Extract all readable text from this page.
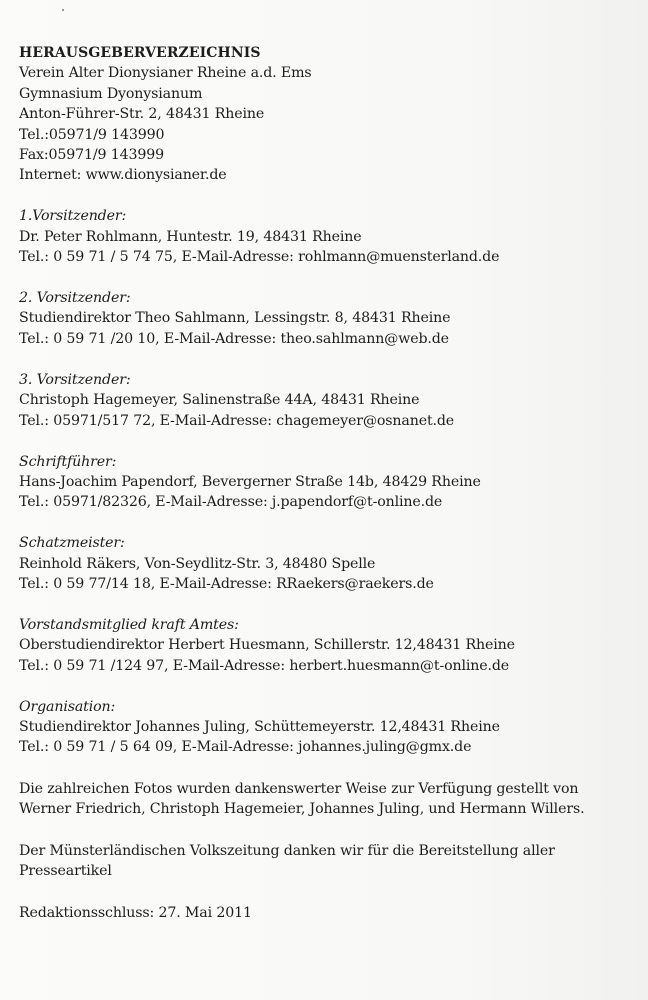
HERAUSGEBERVERZEICHNIS
Verein Alter Dionysianer Rheine a.d. Ems
Gymnasium Dyonysianum
Anton-Führer-Str. 2, 48431 Rheine
Tel.:05971/9 143990
Fax:05971/9 143999
Internet: www.dionysianer.de
1.Vorsitzender:
Dr. Peter Rohlmann, Huntestr. 19, 48431 Rheine
Tel.: 0 59 71 / 5 74 75, E-Mail-Adresse: rohlmann@muensterland.de
2. Vorsitzender:
Studiendirektor Theo Sahlmann, Lessingstr. 8, 48431 Rheine
Tel.: 0 59 71 /20 10, E-Mail-Adresse: theo.sahlmann@web.de
3. Vorsitzender:
Christoph Hagemeyer, Salinenstraße 44A, 48431 Rheine
Tel.: 05971/517 72, E-Mail-Adresse: chagemeyer@osnanet.de
Schriftführer:
Hans-Joachim Papendorf, Bevergerner Straße 14b, 48429 Rheine
Tel.: 05971/82326, E-Mail-Adresse: j.papendorf@t-online.de
Schatzmeister:
Reinhold Räkers, Von-Seydlitz-Str. 3, 48480 Spelle
Tel.: 0 59 77/14 18, E-Mail-Adresse: RRaekers@raekers.de
Vorstandsmitglied kraft Amtes:
Oberstudiendirektor Herbert Huesmann, Schillerstr. 12,48431 Rheine
Tel.: 0 59 71 /124 97, E-Mail-Adresse: herbert.huesmann@t-online.de
Organisation:
Studiendirektor Johannes Juling, Schüttemeyerstr. 12,48431 Rheine
Tel.: 0 59 71 / 5 64 09, E-Mail-Adresse: johannes.juling@gmx.de
Die zahlreichen Fotos wurden dankenswerter Weise zur Verfügung gestellt von
Werner Friedrich, Christoph Hagemeier, Johannes Juling, und Hermann Willers.
Der Münsterländischen Volkszeitung danken wir für die Bereitstellung aller
Presseartikel
Redaktionsschluss: 27. Mai 2011
